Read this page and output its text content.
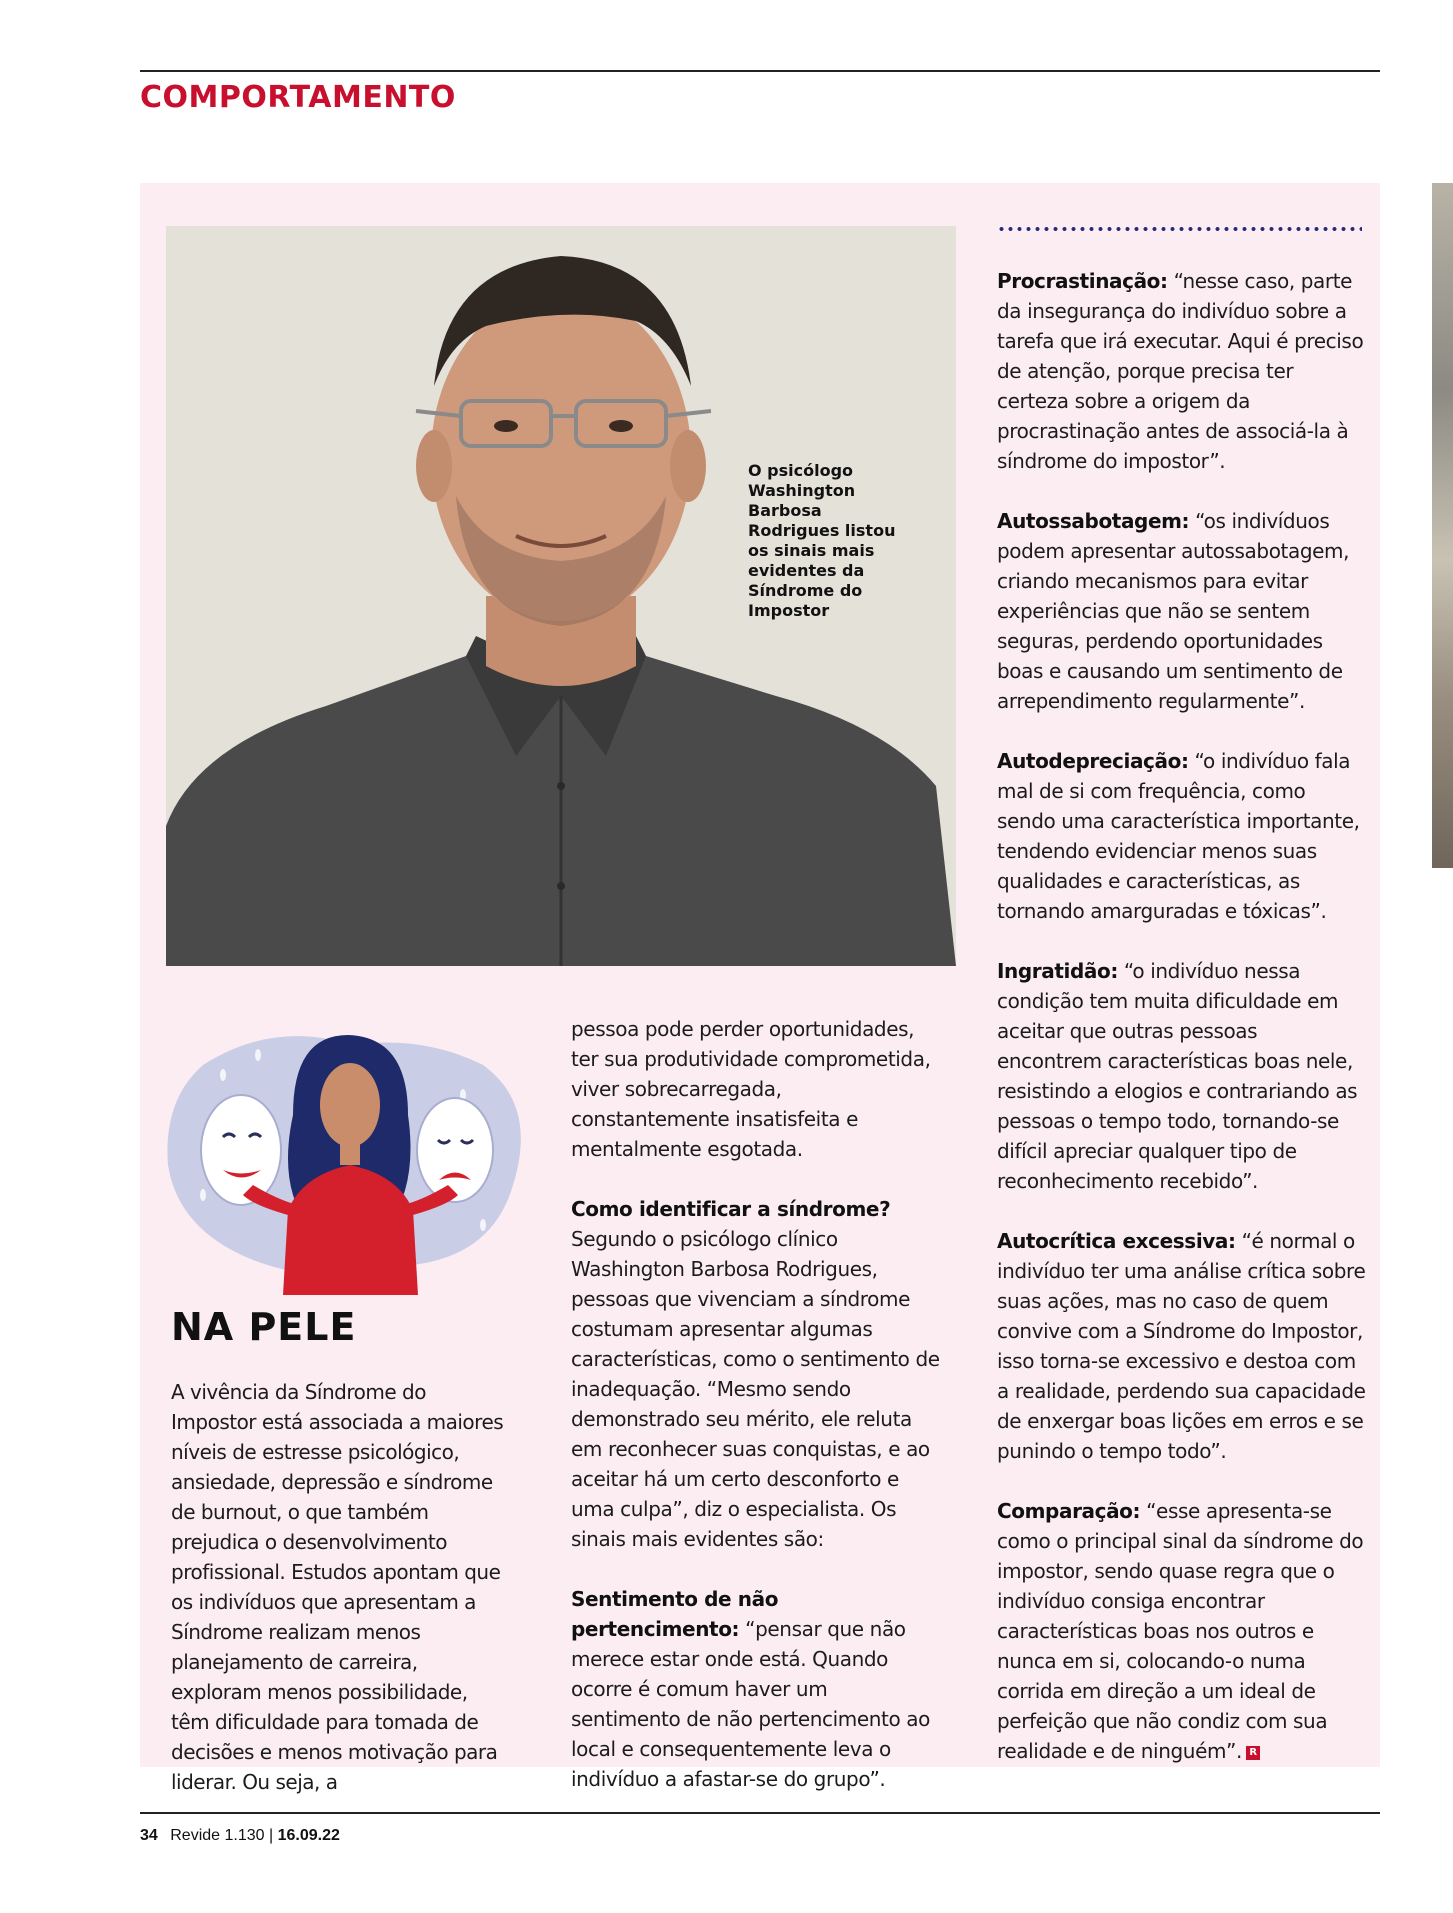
COMPORTAMENTO

O psicólogo Washington Barbosa Rodrigues listou os sinais mais evidentes da Síndrome do Impostor

NA PELE

A vivência da Síndrome do Impostor está associada a maiores níveis de estresse psicológico, ansiedade, depressão e síndrome de burnout, o que também prejudica o desenvolvimento profissional. Estudos apontam que os indivíduos que apresentam a Síndrome realizam menos planejamento de carreira, exploram menos possibilidade, têm dificuldade para tomada de decisões e menos motivação para liderar. Ou seja, a

pessoa pode perder oportunidades, ter sua produtividade comprometida, viver sobrecarregada, constantemente insatisfeita e mentalmente esgotada.

Como identificar a síndrome?
Segundo o psicólogo clínico Washington Barbosa Rodrigues, pessoas que vivenciam a síndrome costumam apresentar algumas características, como o sentimento de inadequação. “Mesmo sendo demonstrado seu mérito, ele reluta em reconhecer suas conquistas, e ao aceitar há um certo desconforto e uma culpa”, diz o especialista. Os sinais mais evidentes são:

Sentimento de não pertencimento: “pensar que não merece estar onde está. Quando ocorre é comum haver um sentimento de não pertencimento ao local e consequentemente leva o indivíduo a afastar-se do grupo”.

Procrastinação: “nesse caso, parte da insegurança do indivíduo sobre a tarefa que irá executar. Aqui é preciso de atenção, porque precisa ter certeza sobre a origem da procrastinação antes de associá-la à síndrome do impostor”.

Autossabotagem: “os indivíduos podem apresentar autossabotagem, criando mecanismos para evitar experiências que não se sentem seguras, perdendo oportunidades boas e causando um sentimento de arrependimento regularmente”.

Autodepreciação: “o indivíduo fala mal de si com frequência, como sendo uma característica importante, tendendo evidenciar menos suas qualidades e características, as tornando amarguradas e tóxicas”.

Ingratidão: “o indivíduo nessa condição tem muita dificuldade em aceitar que outras pessoas encontrem características boas nele, resistindo a elogios e contrariando as pessoas o tempo todo, tornando-se difícil apreciar qualquer tipo de reconhecimento recebido”.

Autocrítica excessiva: “é normal o indivíduo ter uma análise crítica sobre suas ações, mas no caso de quem convive com a Síndrome do Impostor, isso torna-se excessivo e destoa com a realidade, perdendo sua capacidade de enxergar boas lições em erros e se punindo o tempo todo”.

Comparação: “esse apresenta-se como o principal sinal da síndrome do impostor, sendo quase regra que o indivíduo consiga encontrar características boas nos outros e nunca em si, colocando-o numa corrida em direção a um ideal de perfeição que não condiz com sua realidade e de ninguém”. R

34 Revide 1.130 | 16.09.22
